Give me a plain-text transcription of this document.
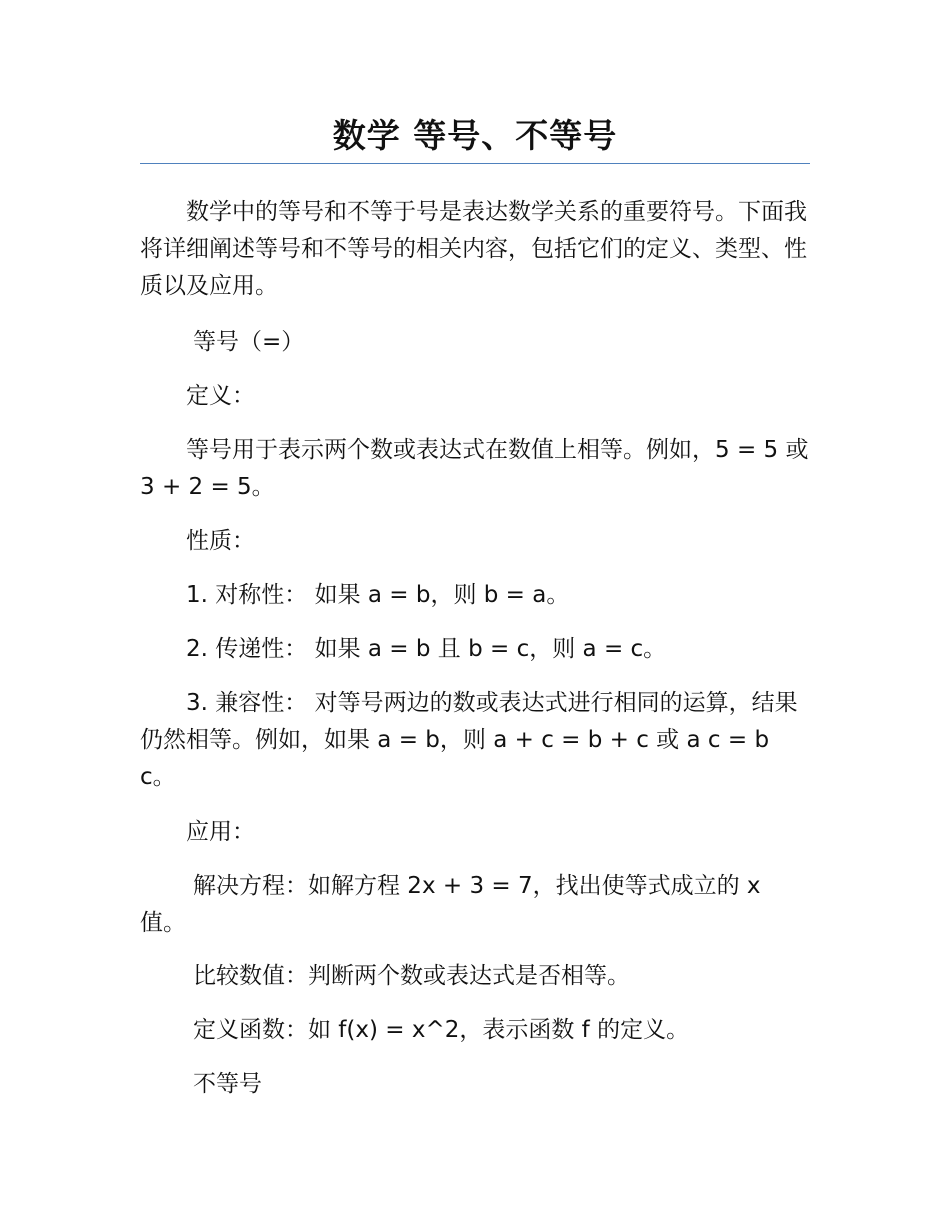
数学 等号、不等号

数学中的等号和不等于号是表达数学关系的重要符号。下面我将详细阐述等号和不等号的相关内容，包括它们的定义、类型、性质以及应用。

等号（=）

定义：

等号用于表示两个数或表达式在数值上相等。例如，5 = 5 或 3 + 2 = 5。

性质：

1. 对称性： 如果 a = b，则 b = a。

2. 传递性： 如果 a = b 且 b = c，则 a = c。

3. 兼容性： 对等号两边的数或表达式进行相同的运算，结果仍然相等。例如，如果 a = b，则 a + c = b + c 或 a c = b c。

应用：

解决方程：如解方程 2x + 3 = 7，找出使等式成立的 x 值。

比较数值：判断两个数或表达式是否相等。

定义函数：如 f(x) = x^2，表示函数 f 的定义。

不等号
